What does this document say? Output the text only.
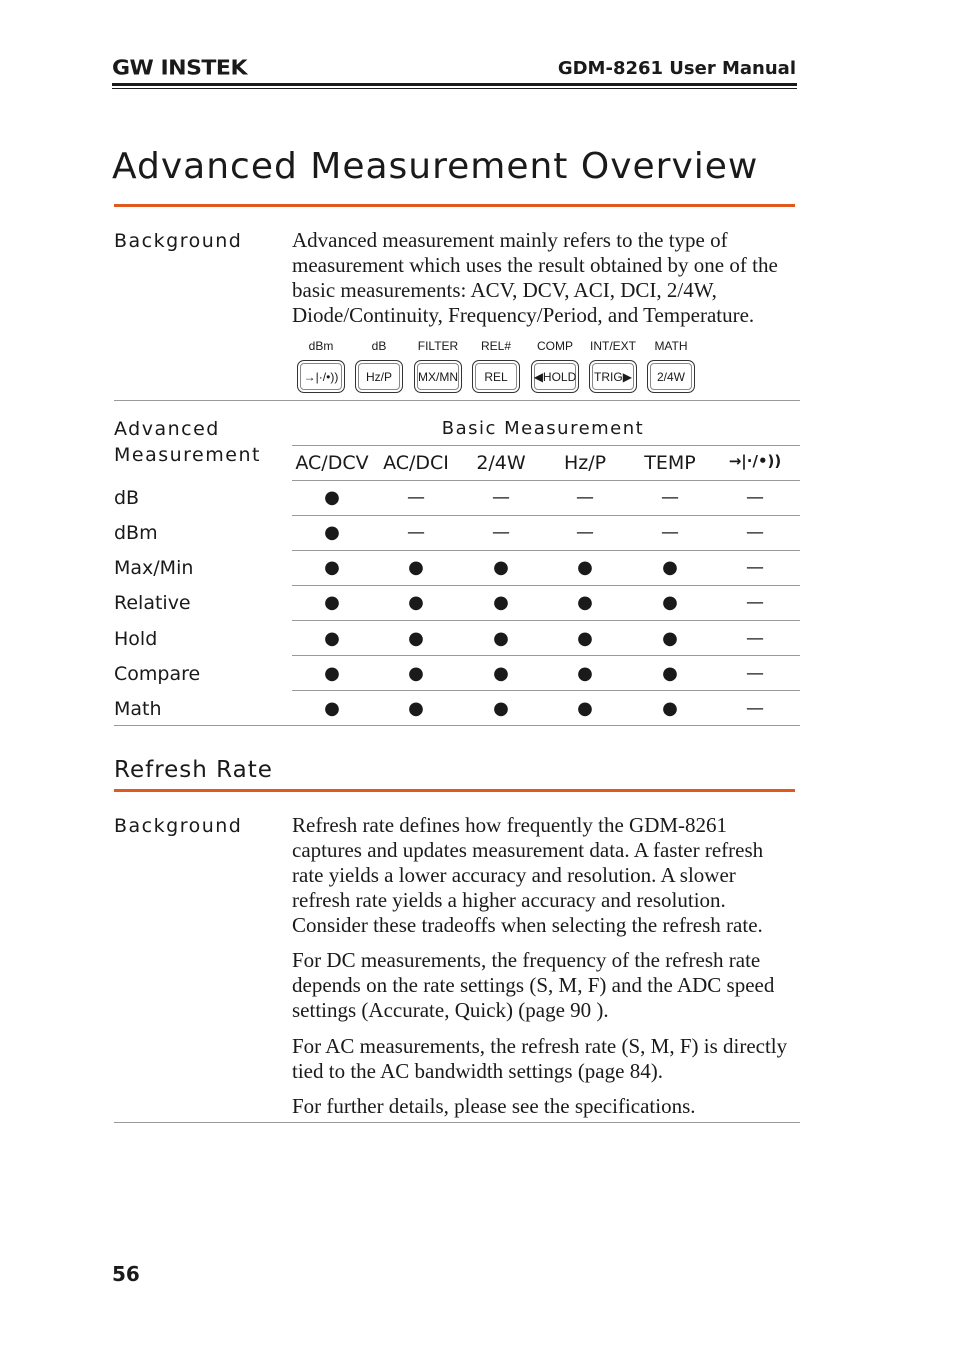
GW INSTEK	GDM-8261 User Manual
Advanced Measurement Overview
Background Advanced measurement mainly refers to the type of measurement which uses the result obtained by one of the basic measurements: ACV, DCV, ACI, DCI, 2/4W, Diode/Continuity, Frequency/Period, and Temperature.
dBm	dB	FILTER	REL#	COMP	INT/EXT	MATH
→|·/•))	Hz/P	MX/MN	REL	◀HOLD	TRIG▶	2/4W
Advanced
Measurement
Basic Measurement
AC/DCV AC/DCI	2/4W	Hz/P	TEMP	→|·/•))
dB	●	—	—	—	—	—
dBm	●	—	—	—	—	—
Max/Min	●	●	●	●	●	—
Relative	●	●	●	●	●	—
Hold	●	●	●	●	●	—
Compare	●	●	●	●	●	—
Math	●	●	●	●	●	—
Refresh Rate
Background Refresh rate defines how frequently the GDM-8261 captures and updates measurement data. A faster refresh rate yields a lower accuracy and resolution. A slower refresh rate yields a higher accuracy and resolution. Consider these tradeoffs when selecting the refresh rate.
For DC measurements, the frequency of the refresh rate depends on the rate settings (S, M, F) and the ADC speed settings (Accurate, Quick) (page 90 ).
For AC measurements, the refresh rate (S, M, F) is directly tied to the AC bandwidth settings (page 84).
For further details, please see the specifications.
56
